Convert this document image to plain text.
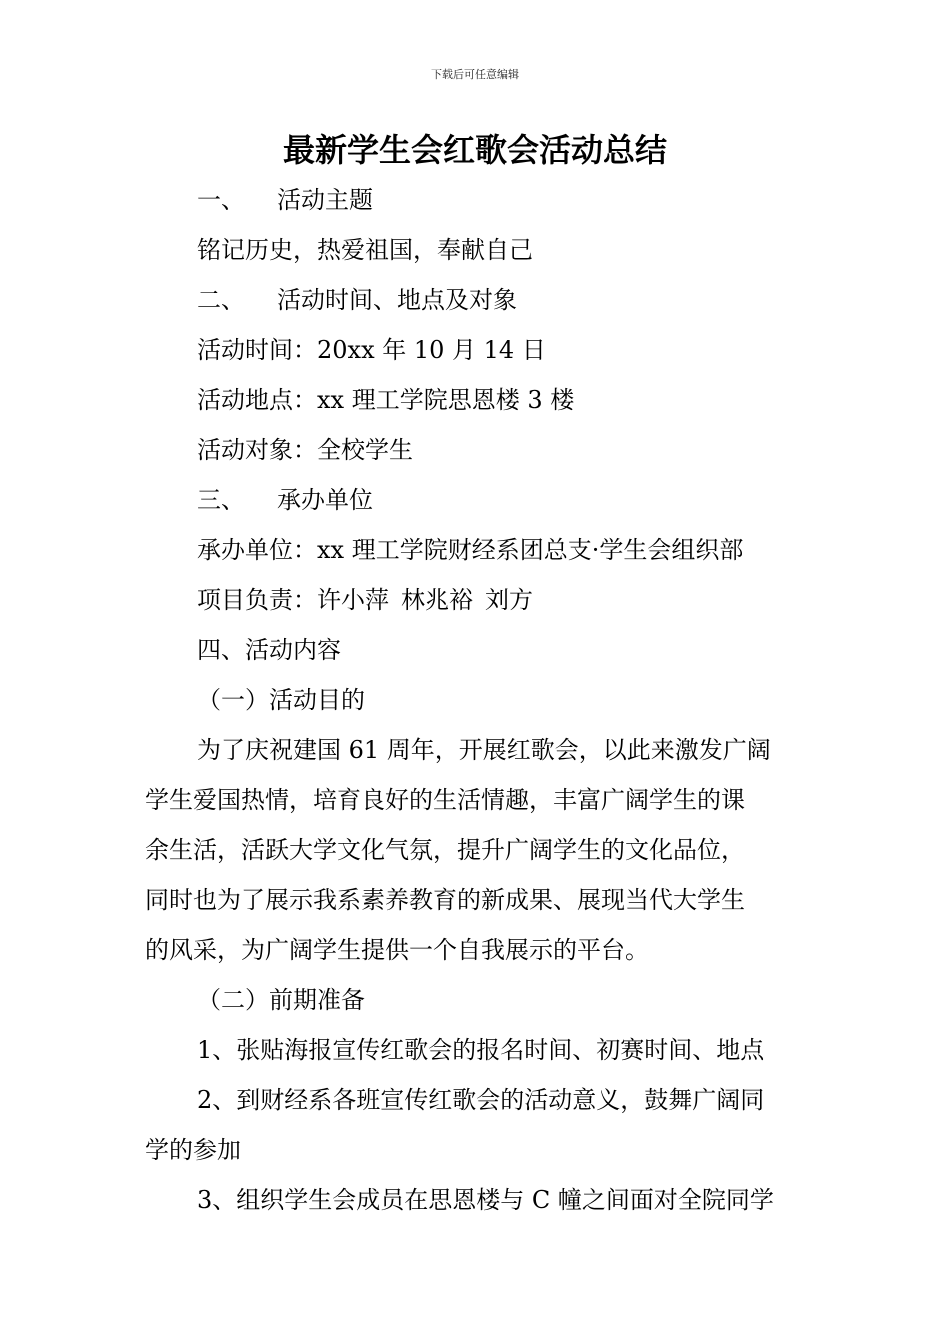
下载后可任意编辑
最新学生会红歌会活动总结
一、 活动主题
铭记历史，热爱祖国，奉献自己
二、 活动时间、地点及对象
活动时间：20xx 年 10 月 14 日
活动地点：xx 理工学院思恩楼 3 楼
活动对象：全校学生
三、 承办单位
承办单位：xx 理工学院财经系团总支·学生会组织部
项目负责：许小萍 林兆裕 刘方
四、活动内容
（一）活动目的
为了庆祝建国 61 周年，开展红歌会，以此来激发广阔
学生爱国热情，培育良好的生活情趣，丰富广阔学生的课
余生活，活跃大学文化气氛，提升广阔学生的文化品位，
同时也为了展示我系素养教育的新成果、展现当代大学生
的风采，为广阔学生提供一个自我展示的平台。
（二）前期准备
1、张贴海报宣传红歌会的报名时间、初赛时间、地点
2、到财经系各班宣传红歌会的活动意义，鼓舞广阔同
学的参加
3、组织学生会成员在思恩楼与 C 幢之间面对全院同学
